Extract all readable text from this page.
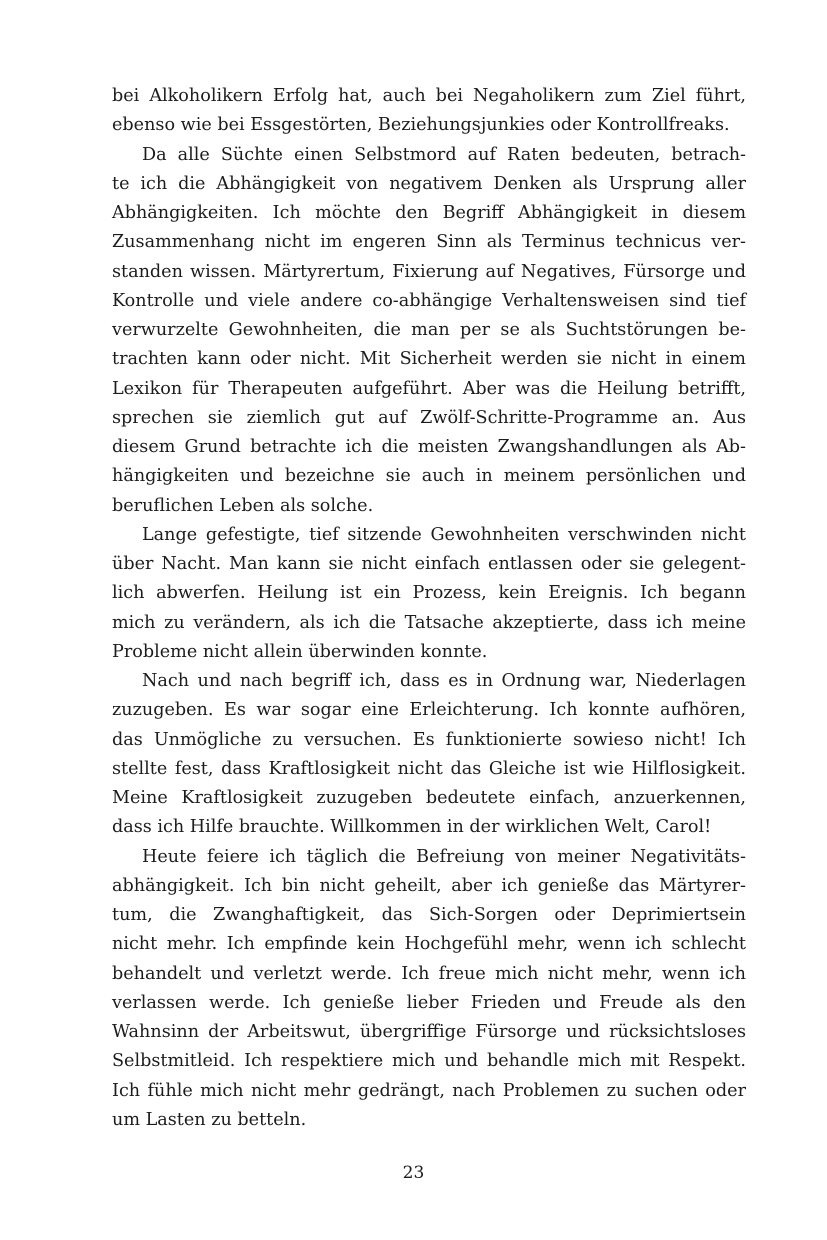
bei Alkoholikern Erfolg hat, auch bei Negaholikern zum Ziel führt,
ebenso wie bei Essgestörten, Beziehungsjunkies oder Kontrollfreaks.
Da alle Süchte einen Selbstmord auf Raten bedeuten, betrach-
te ich die Abhängigkeit von negativem Denken als Ursprung aller
Abhängigkeiten. Ich möchte den Begriff Abhängigkeit in diesem
Zusammenhang nicht im engeren Sinn als Terminus technicus ver-
standen wissen. Märtyrertum, Fixierung auf Negatives, Fürsorge und
Kontrolle und viele andere co-abhängige Verhaltensweisen sind tief
verwurzelte Gewohnheiten, die man per se als Suchtstörungen be-
trachten kann oder nicht. Mit Sicherheit werden sie nicht in einem
Lexikon für Therapeuten aufgeführt. Aber was die Heilung betrifft,
sprechen sie ziemlich gut auf Zwölf-Schritte-Programme an. Aus
diesem Grund betrachte ich die meisten Zwangshandlungen als Ab-
hängigkeiten und bezeichne sie auch in meinem persönlichen und
beruflichen Leben als solche.
Lange gefestigte, tief sitzende Gewohnheiten verschwinden nicht
über Nacht. Man kann sie nicht einfach entlassen oder sie gelegent-
lich abwerfen. Heilung ist ein Prozess, kein Ereignis. Ich begann
mich zu verändern, als ich die Tatsache akzeptierte, dass ich meine
Probleme nicht allein überwinden konnte.
Nach und nach begriff ich, dass es in Ordnung war, Niederlagen
zuzugeben. Es war sogar eine Erleichterung. Ich konnte aufhören,
das Unmögliche zu versuchen. Es funktionierte sowieso nicht! Ich
stellte fest, dass Kraftlosigkeit nicht das Gleiche ist wie Hilflosigkeit.
Meine Kraftlosigkeit zuzugeben bedeutete einfach, anzuerkennen,
dass ich Hilfe brauchte. Willkommen in der wirklichen Welt, Carol!
Heute feiere ich täglich die Befreiung von meiner Negativitäts-
abhängigkeit. Ich bin nicht geheilt, aber ich genieße das Märtyrer-
tum, die Zwanghaftigkeit, das Sich-Sorgen oder Deprimiertsein
nicht mehr. Ich empfinde kein Hochgefühl mehr, wenn ich schlecht
behandelt und verletzt werde. Ich freue mich nicht mehr, wenn ich
verlassen werde. Ich genieße lieber Frieden und Freude als den
Wahnsinn der Arbeitswut, übergriffige Fürsorge und rücksichtsloses
Selbstmitleid. Ich respektiere mich und behandle mich mit Respekt.
Ich fühle mich nicht mehr gedrängt, nach Problemen zu suchen oder
um Lasten zu betteln.
23
